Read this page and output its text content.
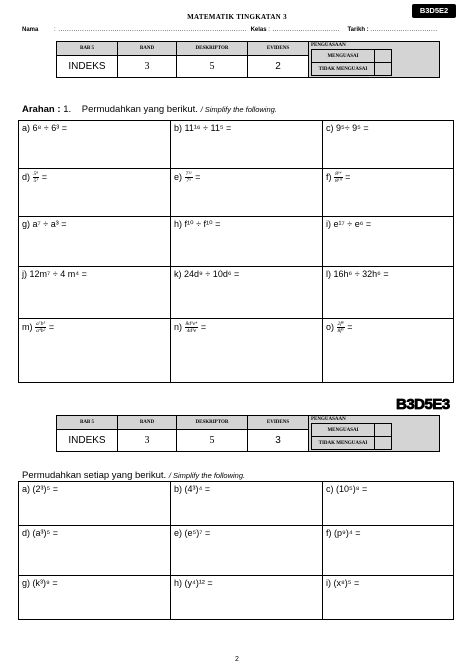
B3D5E2
MATEMATIK TINGKATAN 3
Nama	: ....................................................................................... Kelas : ............................... Tarikh : ...............................
BAB 5	BAND	DESKRIPTOR	EVIDENS	
PENGUASAAN
MENGUASAI	
TIDAK MENGUASAI	

INDEKS	3	5	2
Arahan : 1. Permudahkan yang berikut. / Simplify the following.
a) 6⁸ ÷ 6³ =	b) 11¹⁶ ÷ 11⁵ =	c) 9⁵÷ 9⁵ =
$d) \frac{\text{5⁸}}{\text{5³}}$ =	$e) \frac{\text{7¹²}}{\text{7⁵}}$ =	$f) \frac{\text{8¹⁴}}{\text{8¹⁰}}$ =
g) a⁷ ÷ a³ =	h) f¹⁰ ÷ f¹⁰ =	i) e¹⁷ ÷ e⁶ =
j) 12m⁷ ÷ 4 m⁴ =	k) 24d⁹ ÷ 10d⁶ =	l) 16h⁶ ÷ 32h⁶ =
$m) \frac{\text{a⁷b⁵}}{\text{a⁴b²}}$ =	$n) \frac{\text{8d⁵e⁴}}{\text{4d³e}}$ =	$o) \frac{\text{2f⁸}}{\text{8f⁵}}$ =
B3D5E3
BAB 5	BAND	DESKRIPTOR	EVIDENS	
PENGUASAAN
MENGUASAI	
TIDAK MENGUASAI	

INDEKS	3	5	3
Permudahkan setiap yang berikut. / Simplify the following.
a) (2³)⁵ =	b) (4³)⁴ =	c) (10⁵)⁸ =
d) (a³)⁵ =	e) (e⁵)⁷ =	f) (p⁹)⁴ =
g) (k³)⁹ =	h) (y⁴)¹² =	i) (x⁸)⁵ =
2
